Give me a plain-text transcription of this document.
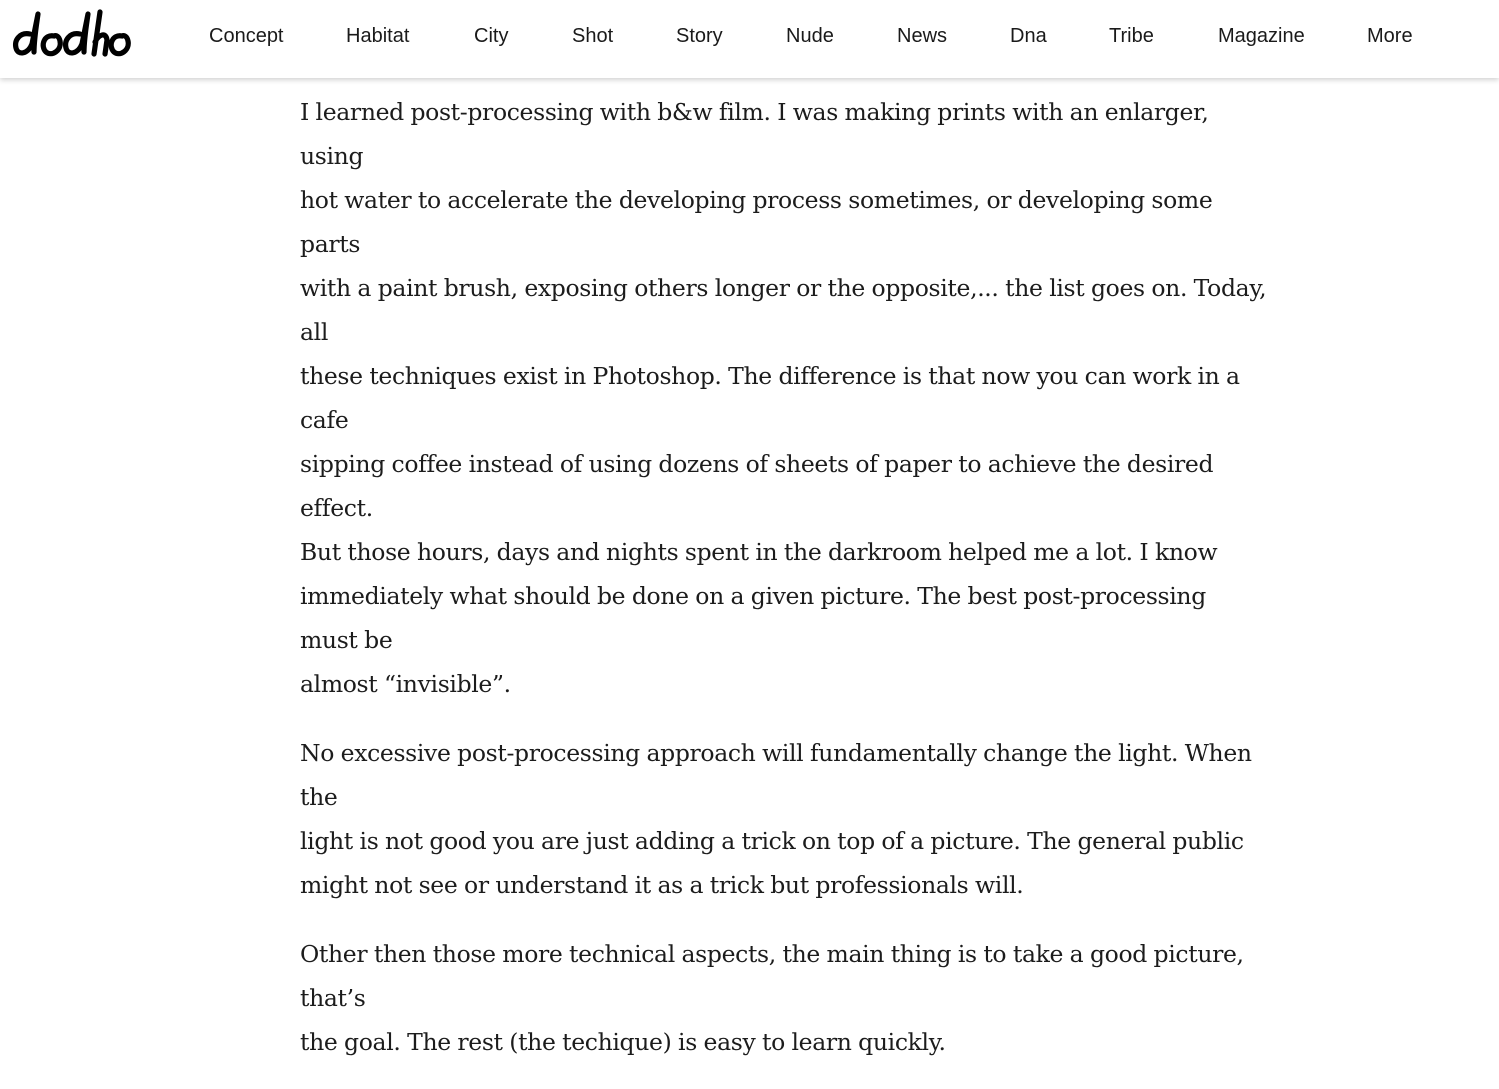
Concept	Habitat	City	Shot	Story	Nude	News	Dna	Tribe	Magazine	More

I learned post-processing with b&w film. I was making prints with an enlarger, using
hot water to accelerate the developing process sometimes, or developing some parts
with a paint brush, exposing others longer or the opposite,... the list goes on. Today, all
these techniques exist in Photoshop. The difference is that now you can work in a cafe
sipping coffee instead of using dozens of sheets of paper to achieve the desired effect.
But those hours, days and nights spent in the darkroom helped me a lot. I know
immediately what should be done on a given picture. The best post-processing must be
almost “invisible”.

No excessive post-processing approach will fundamentally change the light. When the
light is not good you are just adding a trick on top of a picture. The general public
might not see or understand it as a trick but professionals will.

Other then those more technical aspects, the main thing is to take a good picture, that’s
the goal. The rest (the techique) is easy to learn quickly.
